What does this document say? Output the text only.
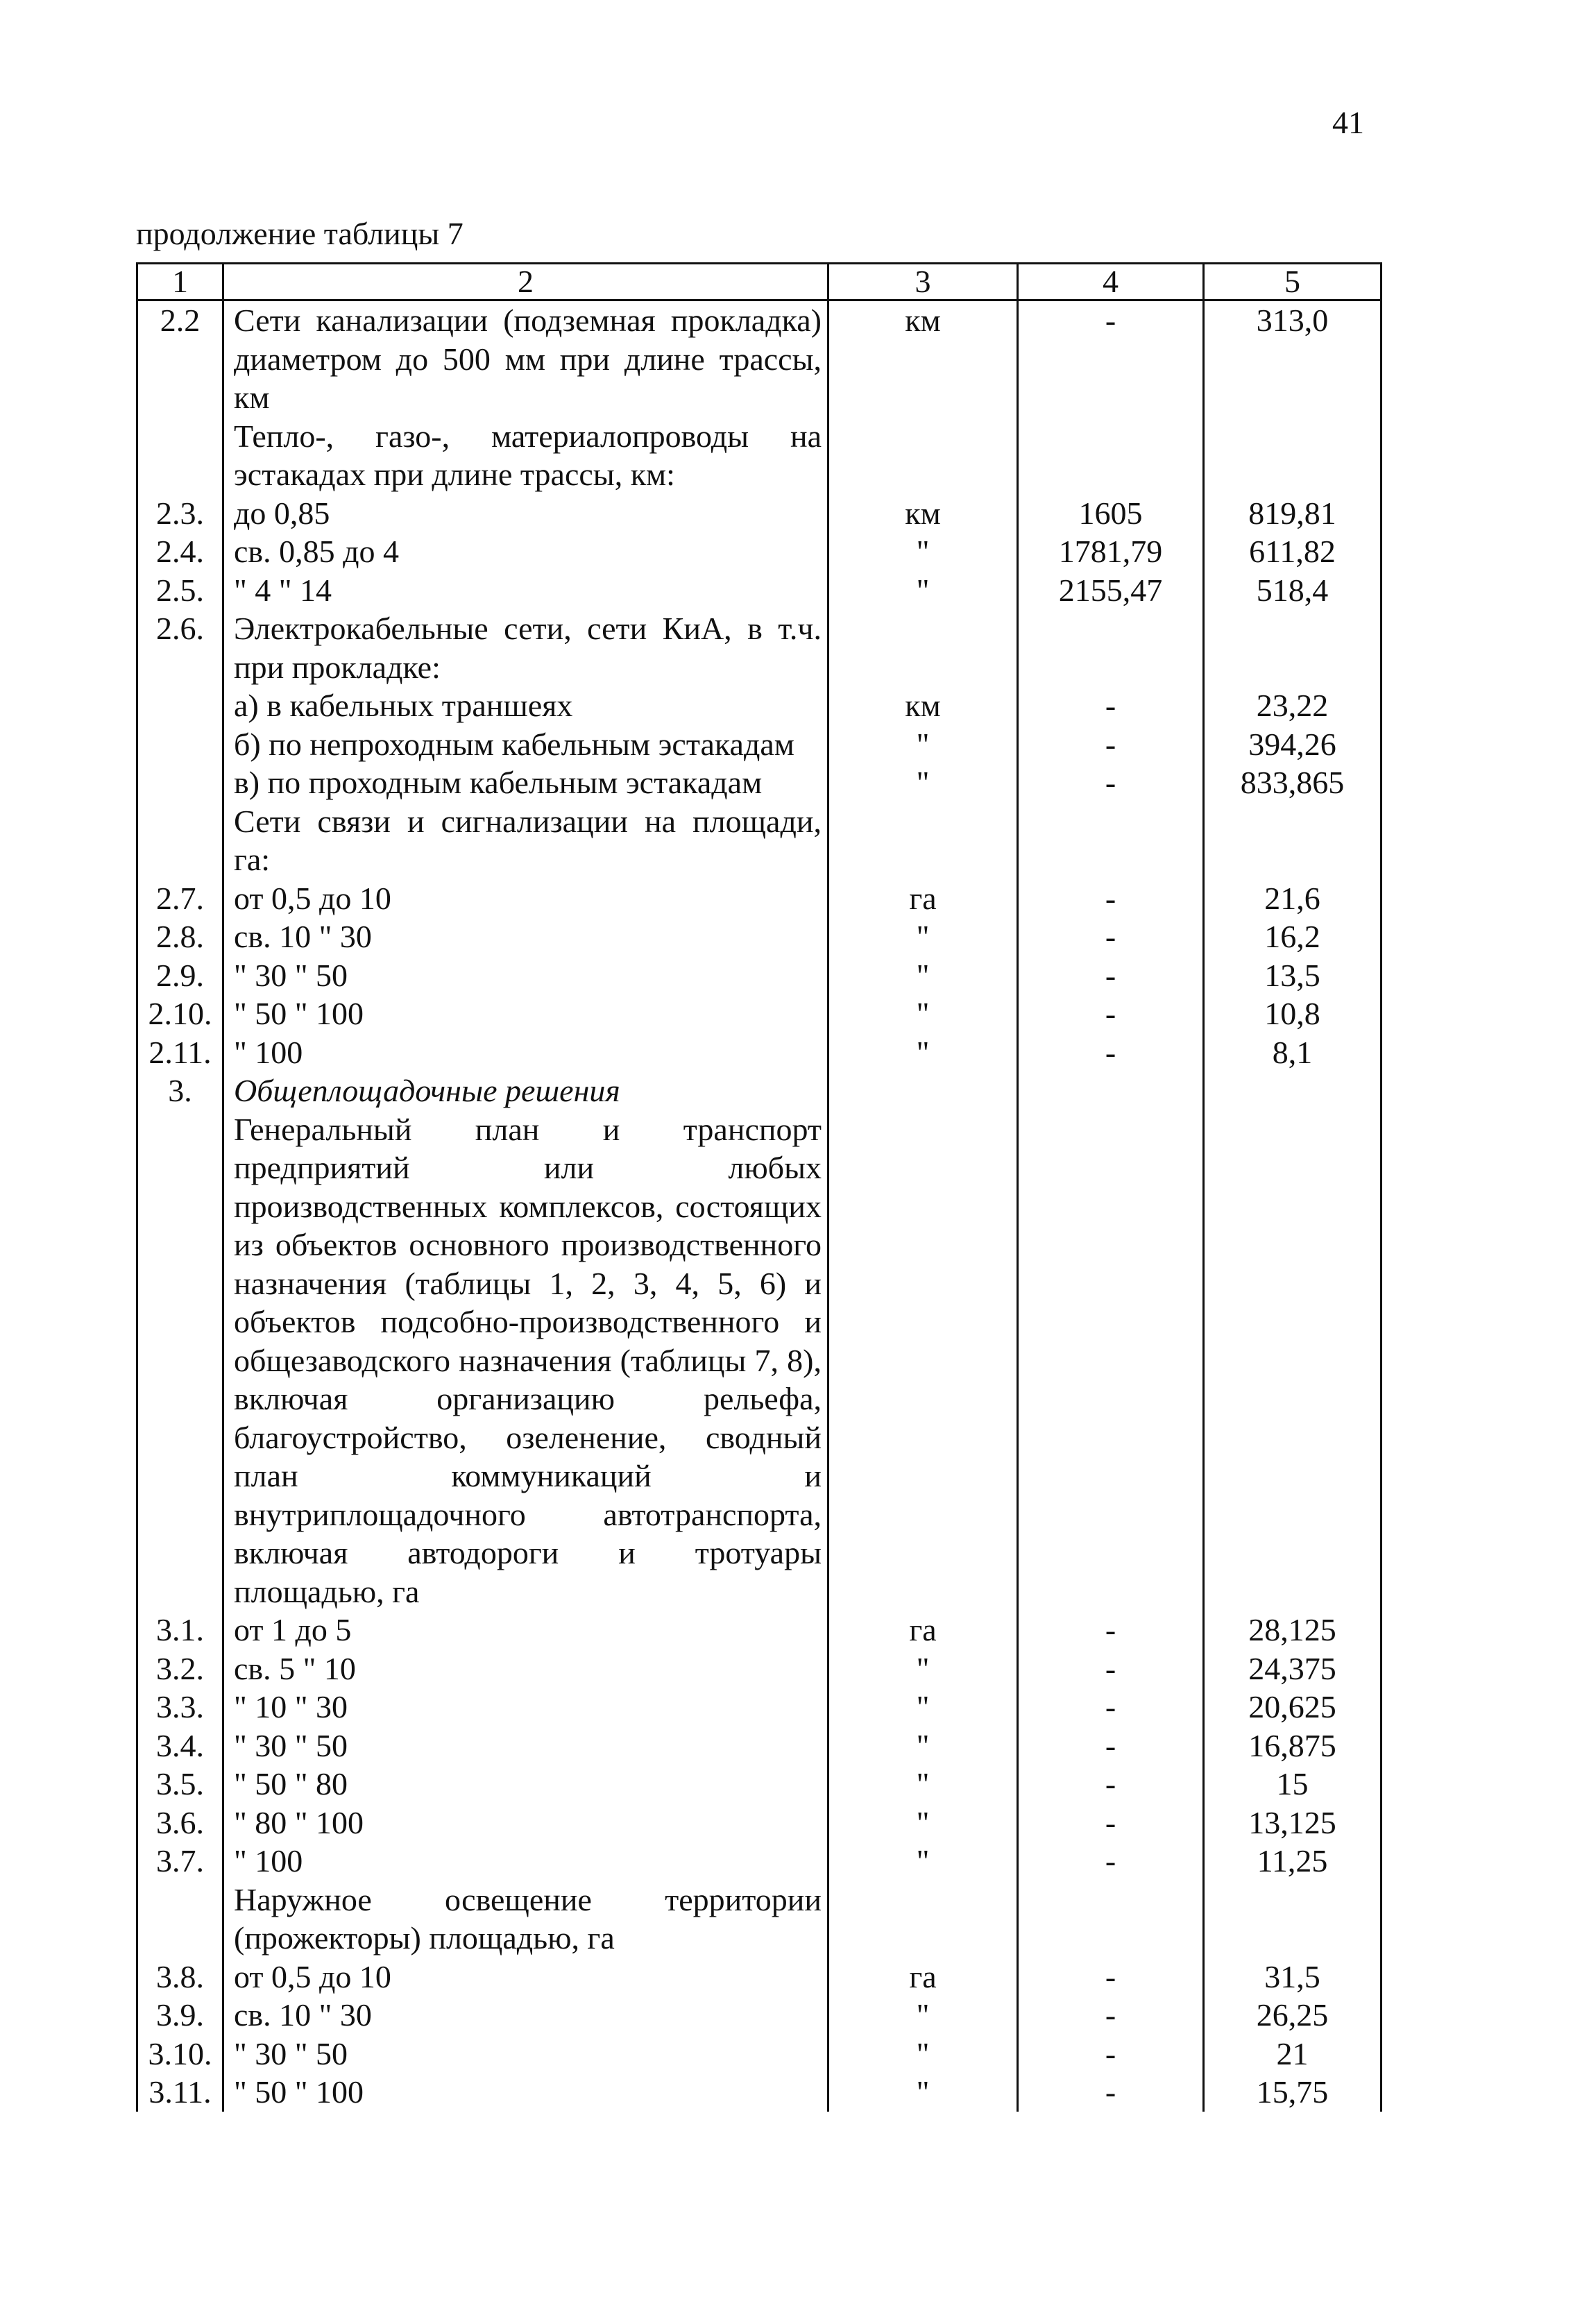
41
продолжение таблицы 7
1	2	3	4	5
2.2	Сети канализации (подземная прокладка) диаметром до 500 мм при длине трассы, км	км	-	313,0
	Тепло-, газо-, материалопроводы на эстакадах при длине трассы, км:			
2.3.	до 0,85	км	1605	819,81
2.4.	св. 0,85 до 4	"	1781,79	611,82
2.5.	" 4 " 14	"	2155,47	518,4
2.6.	Электрокабельные сети, сети КиА, в т.ч. при прокладке:			
	а) в кабельных траншеях	км	-	23,22
	б) по непроходным кабельным эстакадам	"	-	394,26
	в) по проходным кабельным эстакадам	"	-	833,865
	Сети связи и сигнализации на площади, га:			
2.7.	от 0,5 до 10	га	-	21,6
2.8.	св. 10 " 30	"	-	16,2
2.9.	" 30 " 50	"	-	13,5
2.10.	" 50 " 100	"	-	10,8
2.11.	" 100	"	-	8,1
3.	Общеплощадочные решения			
	Генеральный план и транспорт предприятий или любых производственных комплексов, состоящих из объектов основного производственного назначения (таблицы 1, 2, 3, 4, 5, 6) и объектов подсобно-производственного и общезаводского назначения (таблицы 7, 8), включая организацию рельефа, благоустройство, озеленение, сводный план коммуникаций и внутриплощадочного автотранспорта, включая автодороги и тротуары площадью, га			
3.1.	от 1 до 5	га	-	28,125
3.2.	св. 5 " 10	"	-	24,375
3.3.	" 10 " 30	"	-	20,625
3.4.	" 30 " 50	"	-	16,875
3.5.	" 50 " 80	"	-	15
3.6.	" 80 " 100	"	-	13,125
3.7.	" 100	"	-	11,25
	Наружное освещение территории (прожекторы) площадью, га			
3.8.	от 0,5 до 10	га	-	31,5
3.9.	св. 10 " 30	"	-	26,25
3.10.	" 30 " 50	"	-	21
3.11.	" 50 " 100	"	-	15,75
